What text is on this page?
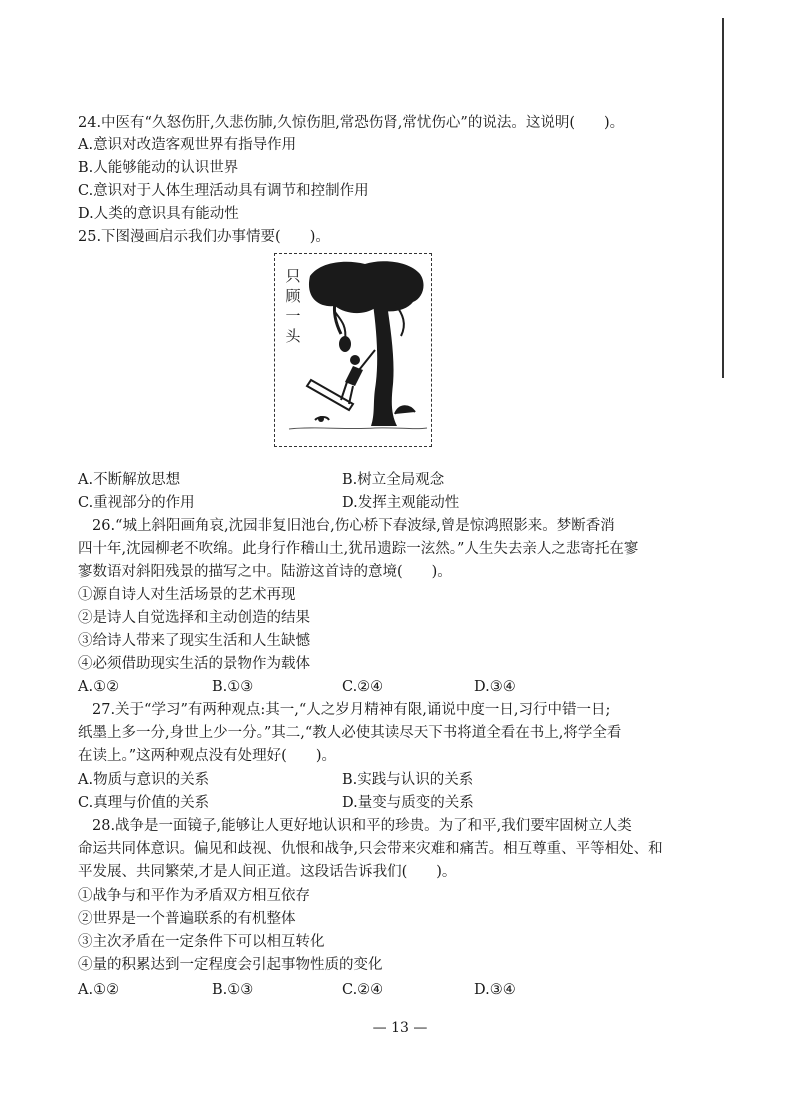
24.中医有“久怒伤肝,久悲伤肺,久惊伤胆,常恐伤肾,常忧伤心”的说法。这说明(　　)。
A.意识对改造客观世界有指导作用
B.人能够能动的认识世界
C.意识对于人体生理活动具有调节和控制作用
D.人类的意识具有能动性
25.下图漫画启示我们办事情要(　　)。
只顾一头
A.不断解放思想	B.树立全局观念
C.重视部分的作用	D.发挥主观能动性
26.“城上斜阳画角哀,沈园非复旧池台,伤心桥下春波绿,曾是惊鸿照影来。梦断香消
四十年,沈园柳老不吹绵。此身行作稽山土,犹吊遗踪一泫然。”人生失去亲人之悲寄托在寥
寥数语对斜阳残景的描写之中。陆游这首诗的意境(　　)。
①源自诗人对生活场景的艺术再现
②是诗人自觉选择和主动创造的结果
③给诗人带来了现实生活和人生缺憾
④必须借助现实生活的景物作为载体
A.①②	B.①③	C.②④	D.③④
27.关于“学习”有两种观点:其一,“人之岁月精神有限,诵说中度一日,习行中错一日;
纸墨上多一分,身世上少一分。”其二,“教人必使其读尽天下书将道全看在书上,将学全看
在读上。”这两种观点没有处理好(　　)。
A.物质与意识的关系	B.实践与认识的关系
C.真理与价值的关系	D.量变与质变的关系
28.战争是一面镜子,能够让人更好地认识和平的珍贵。为了和平,我们要牢固树立人类
命运共同体意识。偏见和歧视、仇恨和战争,只会带来灾难和痛苦。相互尊重、平等相处、和
平发展、共同繁荣,才是人间正道。这段话告诉我们(　　)。
①战争与和平作为矛盾双方相互依存
②世界是一个普遍联系的有机整体
③主次矛盾在一定条件下可以相互转化
④量的积累达到一定程度会引起事物性质的变化
A.①②	B.①③	C.②④	D.③④
— 13 —
